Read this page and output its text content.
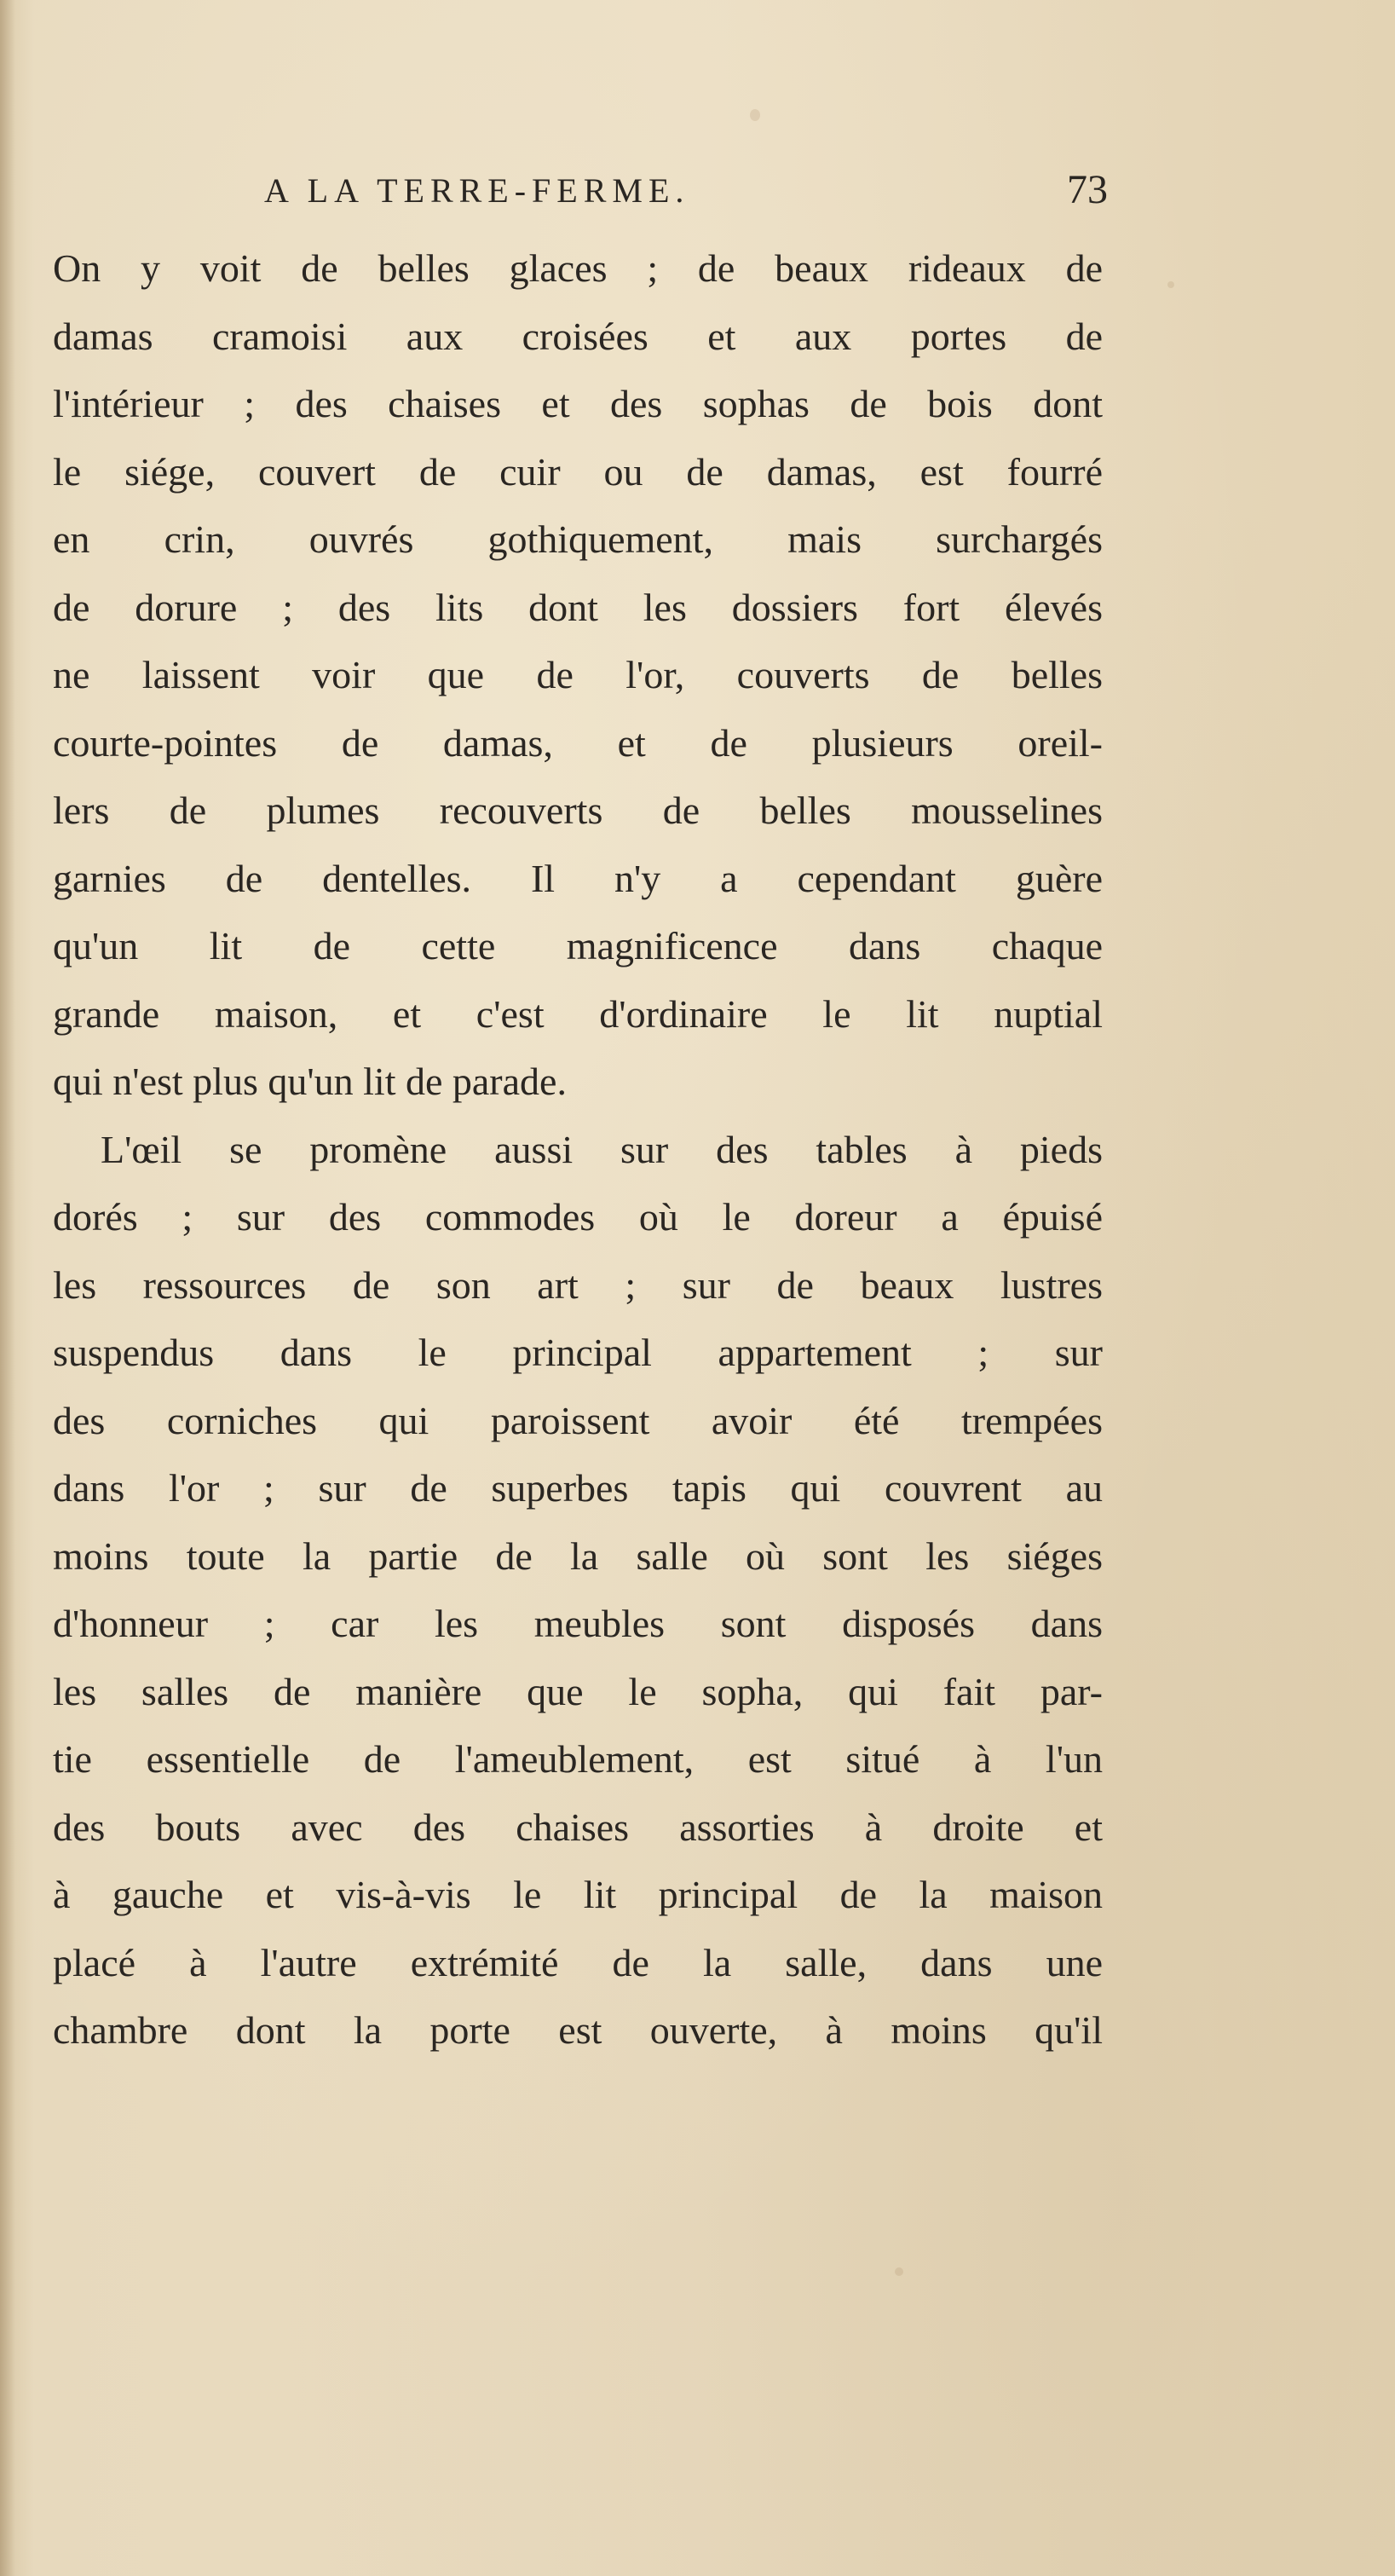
A LA TERRE-FERME.	73
On y voit de belles glaces ; de beaux rideaux de
damas cramoisi aux croisées et aux portes de
l'intérieur ; des chaises et des sophas de bois dont
le siége, couvert de cuir ou de damas, est fourré
en crin, ouvrés gothiquement, mais surchargés
de dorure ; des lits dont les dossiers fort élevés
ne laissent voir que de l'or, couverts de belles
courte-pointes de damas, et de plusieurs oreil-
lers de plumes recouverts de belles mousselines
garnies de dentelles. Il n'y a cependant guère
qu'un lit de cette magnificence dans chaque
grande maison, et c'est d'ordinaire le lit nuptial
qui n'est plus qu'un lit de parade.
L'œil se promène aussi sur des tables à pieds
dorés ; sur des commodes où le doreur a épuisé
les ressources de son art ; sur de beaux lustres
suspendus dans le principal appartement ; sur
des corniches qui paroissent avoir été trempées
dans l'or ; sur de superbes tapis qui couvrent au
moins toute la partie de la salle où sont les siéges
d'honneur ; car les meubles sont disposés dans
les salles de manière que le sopha, qui fait par-
tie essentielle de l'ameublement, est situé à l'un
des bouts avec des chaises assorties à droite et
à gauche et vis-à-vis le lit principal de la maison
placé à l'autre extrémité de la salle, dans une
chambre dont la porte est ouverte, à moins qu'il
